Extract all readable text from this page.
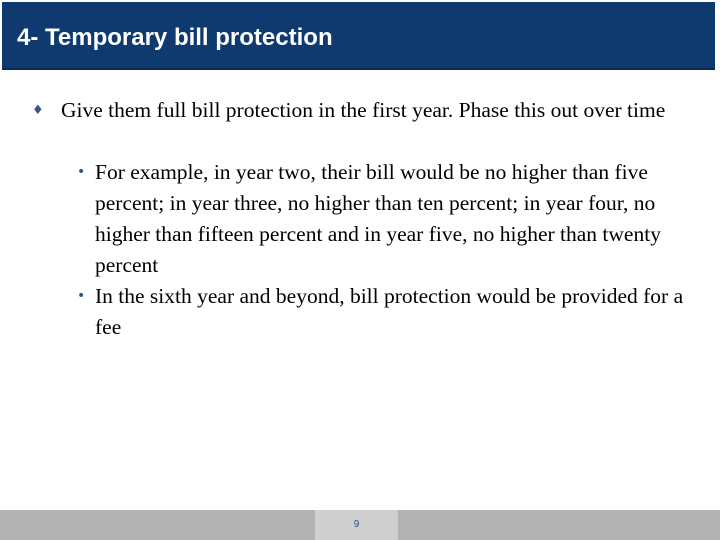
4- Temporary bill protection
♦ Give them full bill protection in the first year. Phase this out over time
• For example, in year two, their bill would be no higher than five percent; in year three, no higher than ten percent; in year four, no higher than fifteen percent and in year five, no higher than twenty percent
• In the sixth year and beyond, bill protection would be provided for a fee
9
